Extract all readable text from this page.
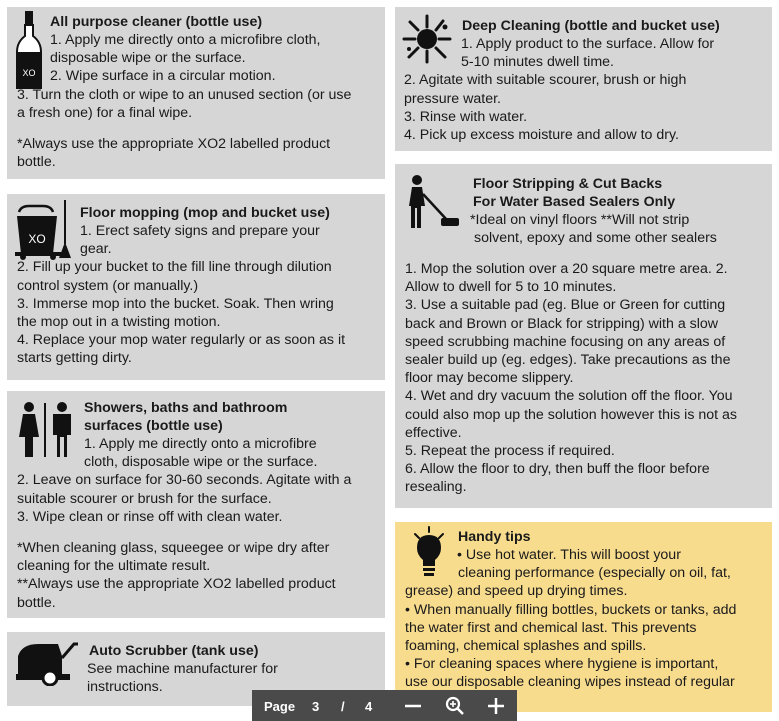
XO
All purpose cleaner (bottle use)
1. Apply me directly onto a microfibre cloth,
disposable wipe or the surface.
2. Wipe surface in a circular motion.
3. Turn the cloth or wipe to an unused section (or use
a fresh one) for a final wipe.
*Always use the appropriate XO2 labelled product
bottle.
XO
Floor mopping (mop and bucket use)
1. Erect safety signs and prepare your
gear.
2. Fill up your bucket to the fill line through dilution
control system (or manually.)
3. Immerse mop into the bucket. Soak. Then wring
the mop out in a twisting motion.
4. Replace your mop water regularly or as soon as it
starts getting dirty.
Showers, baths and bathroom
surfaces (bottle use)
1. Apply me directly onto a microfibre
cloth, disposable wipe or the surface.
2. Leave on surface for 30-60 seconds. Agitate with a
suitable scourer or brush for the surface.
3. Wipe clean or rinse off with clean water.
*When cleaning glass, squeegee or wipe dry after
cleaning for the ultimate result.
**Always use the appropriate XO2 labelled product
bottle.
Auto Scrubber (tank use)
See machine manufacturer for
instructions.
Deep Cleaning (bottle and bucket use)
1. Apply product to the surface. Allow for
5-10 minutes dwell time.
2. Agitate with suitable scourer, brush or high
pressure water.
3. Rinse with water.
4. Pick up excess moisture and allow to dry.
Floor Stripping & Cut Backs
For Water Based Sealers Only
*Ideal on vinyl floors **Will not strip
solvent, epoxy and some other sealers
1. Mop the solution over a 20 square metre area. 2.
Allow to dwell for 5 to 10 minutes.
3. Use a suitable pad (eg. Blue or Green for cutting
back and Brown or Black for stripping) with a slow
speed scrubbing machine focusing on any areas of
sealer build up (eg. edges). Take precautions as the
floor may become slippery.
4. Wet and dry vacuum the solution off the floor. You
could also mop up the solution however this is not as
effective.
5. Repeat the process if required.
6. Allow the floor to dry, then buff the floor before
resealing.
Handy tips
• Use hot water. This will boost your
cleaning performance (especially on oil, fat,
grease) and speed up drying times.
• When manually filling bottles, buckets or tanks, add
the water first and chemical last. This prevents
foaming, chemical splashes and spills.
• For cleaning spaces where hygiene is important,
use our disposable cleaning wipes instead of regular
Page 3 / 4
